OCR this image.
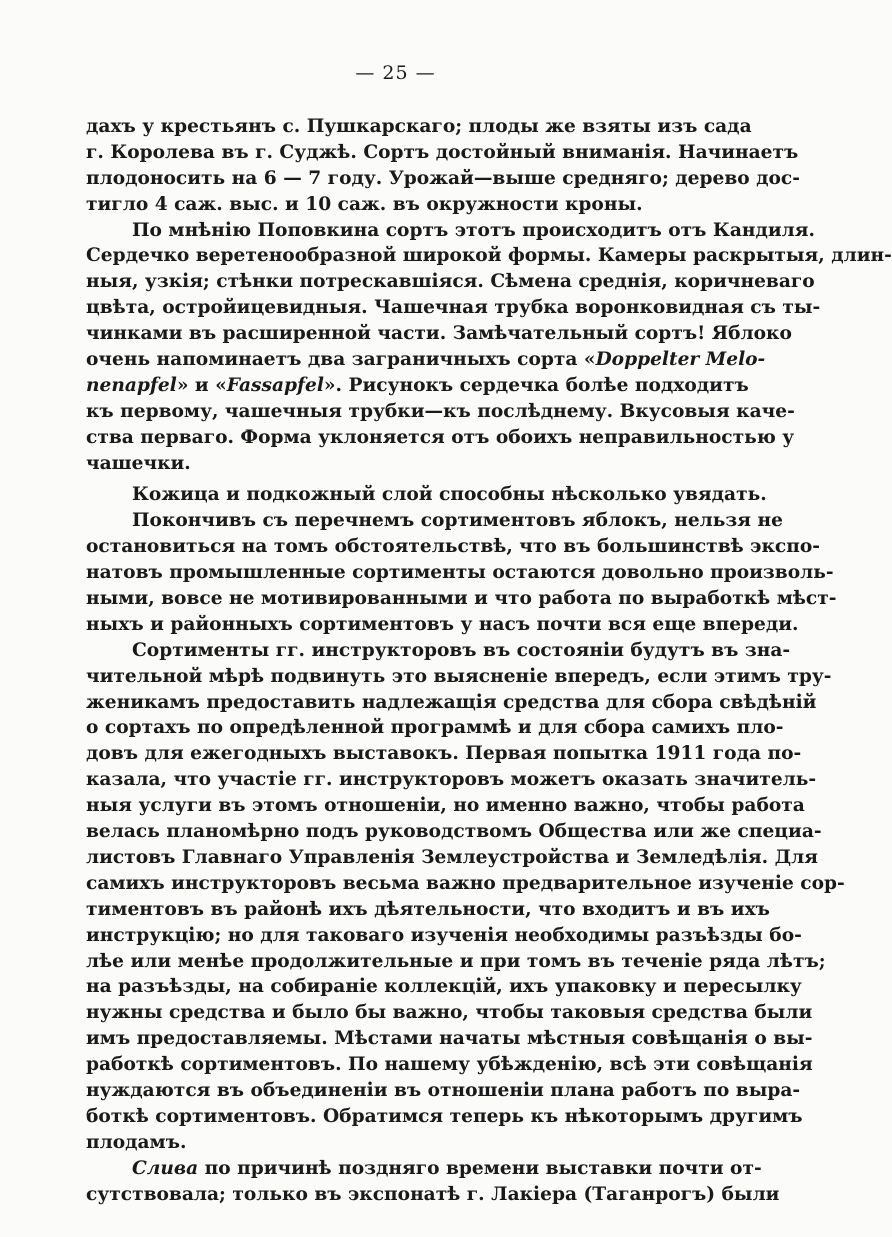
— 25 —
дахъ у крестьянъ с. Пушкарскаго; плоды же взяты изъ сада
г. Королева въ г. Суджѣ. Сортъ достойный вниманія. Начинаетъ
плодоносить на 6 — 7 году. Урожай—выше средняго; дерево дос-
тигло 4 саж. выс. и 10 саж. въ окружности кроны.
По мнѣнію Поповкина сортъ этотъ происходитъ отъ Кандиля.
Сердечко веретенообразной широкой формы. Камеры раскрытыя, длин-
ныя, узкія; стѣнки потрескавшіяся. Сѣмена среднія, коричневаго
цвѣта, остройицевидныя. Чашечная трубка воронковидная съ ты-
чинками въ расширенной части. Замѣчательный сортъ! Яблоко
очень напоминаетъ два заграничныхъ сорта «Doppelter Melo-
nenapfel» и «Fassapfel». Рисунокъ сердечка болѣе подходитъ
къ первому, чашечныя трубки—къ послѣднему. Вкусовыя каче-
ства перваго. Форма уклоняется отъ обоихъ неправильностью у
чашечки.
Кожица и подкожный слой способны нѣсколько увядать.
Покончивъ съ перечнемъ сортиментовъ яблокъ, нельзя не
остановиться на томъ обстоятельствѣ, что въ большинствѣ экспо-
натовъ промышленные сортименты остаются довольно произволь-
ными, вовсе не мотивированными и что работа по выработкѣ мѣст-
ныхъ и районныхъ сортиментовъ у насъ почти вся еще впереди.
Сортименты гг. инструкторовъ въ состояніи будутъ въ зна-
чительной мѣрѣ подвинуть это выясненіе впередъ, если этимъ тру-
женикамъ предоставить надлежащія средства для сбора свѣдѣній
о сортахъ по опредѣленной программѣ и для сбора самихъ пло-
довъ для ежегодныхъ выставокъ. Первая попытка 1911 года по-
казала, что участіе гг. инструкторовъ можетъ оказать значитель-
ныя услуги въ этомъ отношеніи, но именно важно, чтобы работа
велась планомѣрно подъ руководствомъ Общества или же специа-
листовъ Главнаго Управленія Землеустройства и Земледѣлія. Для
самихъ инструкторовъ весьма важно предварительное изученіе сор-
тиментовъ въ районѣ ихъ дѣятельности, что входитъ и въ ихъ
инструкцію; но для таковаго изученія необходимы разъѣзды бо-
лѣе или менѣе продолжительные и при томъ въ теченіе ряда лѣтъ;
на разъѣзды, на собираніе коллекцій, ихъ упаковку и пересылку
нужны средства и было бы важно, чтобы таковыя средства были
имъ предоставляемы. Мѣстами начаты мѣстныя совѣщанія о вы-
работкѣ сортиментовъ. По нашему убѣжденію, всѣ эти совѣщанія
нуждаются въ объединеніи въ отношеніи плана работъ по выра-
боткѣ сортиментовъ. Обратимся теперь къ нѣкоторымъ другимъ
плодамъ.
Слива по причинѣ поздняго времени выставки почти от-
сутствовала; только въ экспонатѣ г. Лакіера (Таганрогъ) были
